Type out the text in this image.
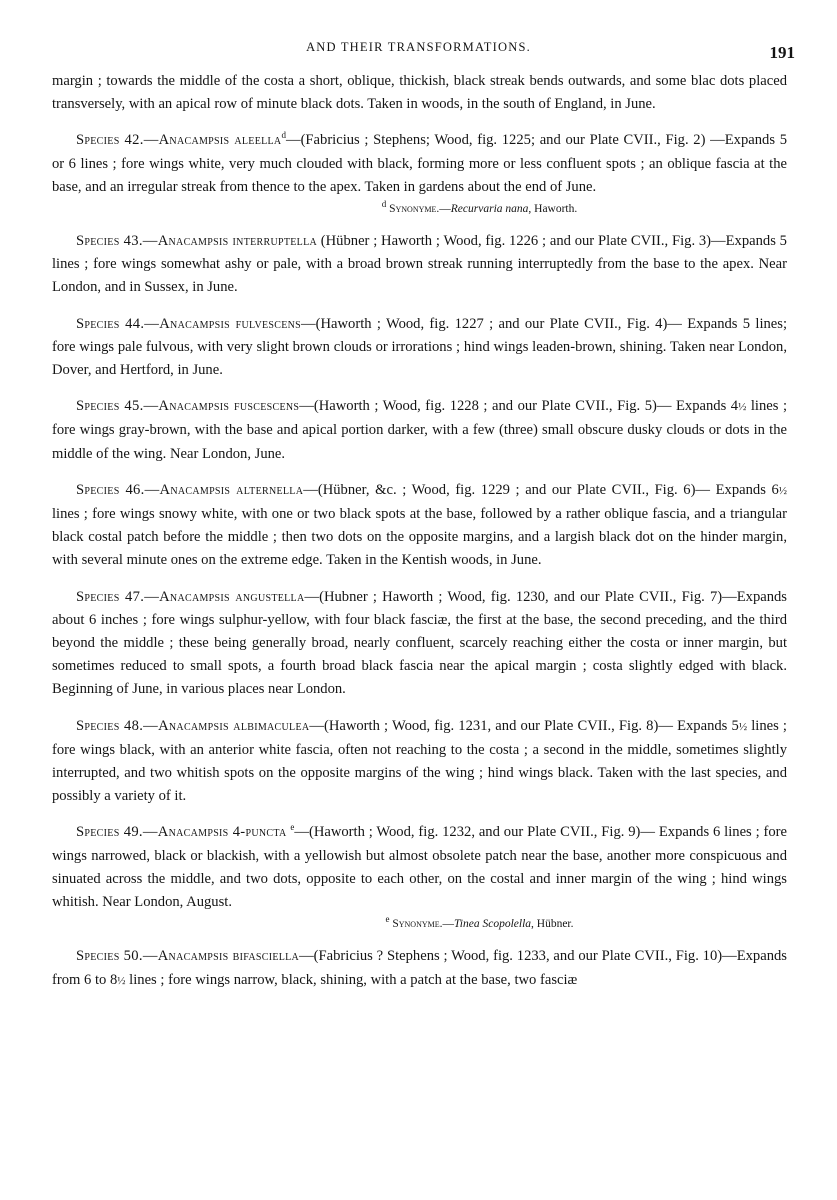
AND THEIR TRANSFORMATIONS.	191

margin ; towards the middle of the costa a short, oblique, thickish, black streak bends outwards, and some blac dots placed transversely, with an apical row of minute black dots. Taken in woods, in the south of England, in June.

Species 42.—Anacampsis aleella$^d$—(Fabricius ; Stephens; Wood, fig. 1225; and our Plate CVII., Fig. 2) —Expands 5 or 6 lines ; fore wings white, very much clouded with black, forming more or less confluent spots ; an oblique fascia at the base, and an irregular streak from thence to the apex. Taken in gardens about the end of June.

$^d$ Synonyme.—Recurvaria nana, Haworth.

Species 43.—Anacampsis interruptella (Hübner ; Haworth ; Wood, fig. 1226 ; and our Plate CVII., Fig. 3)—Expands 5 lines ; fore wings somewhat ashy or pale, with a broad brown streak running interruptedly from the base to the apex. Near London, and in Sussex, in June.

Species 44.—Anacampsis fulvescens—(Haworth ; Wood, fig. 1227 ; and our Plate CVII., Fig. 4)— Expands 5 lines; fore wings pale fulvous, with very slight brown clouds or irrorations ; hind wings leaden-brown, shining. Taken near London, Dover, and Hertford, in June.

Species 45.—Anacampsis fuscescens—(Haworth ; Wood, fig. 1228 ; and our Plate CVII., Fig. 5)— Expands 4½ lines ; fore wings gray-brown, with the base and apical portion darker, with a few (three) small obscure dusky clouds or dots in the middle of the wing. Near London, June.

Species 46.—Anacampsis alternella—(Hübner, &c. ; Wood, fig. 1229 ; and our Plate CVII., Fig. 6)— Expands 6½ lines ; fore wings snowy white, with one or two black spots at the base, followed by a rather oblique fascia, and a triangular black costal patch before the middle ; then two dots on the opposite margins, and a largish black dot on the hinder margin, with several minute ones on the extreme edge. Taken in the Kentish woods, in June.

Species 47.—Anacampsis angustella—(Hubner ; Haworth ; Wood, fig. 1230, and our Plate CVII., Fig. 7)—Expands about 6 inches ; fore wings sulphur-yellow, with four black fasciæ, the first at the base, the second preceding, and the third beyond the middle ; these being generally broad, nearly confluent, scarcely reaching either the costa or inner margin, but sometimes reduced to small spots, a fourth broad black fascia near the apical margin ; costa slightly edged with black. Beginning of June, in various places near London.

Species 48.—Anacampsis albimaculea—(Haworth ; Wood, fig. 1231, and our Plate CVII., Fig. 8)— Expands 5½ lines ; fore wings black, with an anterior white fascia, often not reaching to the costa ; a second in the middle, sometimes slightly interrupted, and two whitish spots on the opposite margins of the wing ; hind wings black. Taken with the last species, and possibly a variety of it.

Species 49.—Anacampsis 4-puncta $^e$—(Haworth ; Wood, fig. 1232, and our Plate CVII., Fig. 9)— Expands 6 lines ; fore wings narrowed, black or blackish, with a yellowish but almost obsolete patch near the base, another more conspicuous and sinuated across the middle, and two dots, opposite to each other, on the costal and inner margin of the wing ; hind wings whitish. Near London, August.

$^e$ Synonyme.—Tinea Scopolella, Hübner.

Species 50.—Anacampsis bifasciella—(Fabricius ? Stephens ; Wood, fig. 1233, and our Plate CVII., Fig. 10)—Expands from 6 to 8½ lines ; fore wings narrow, black, shining, with a patch at the base, two fasciæ
